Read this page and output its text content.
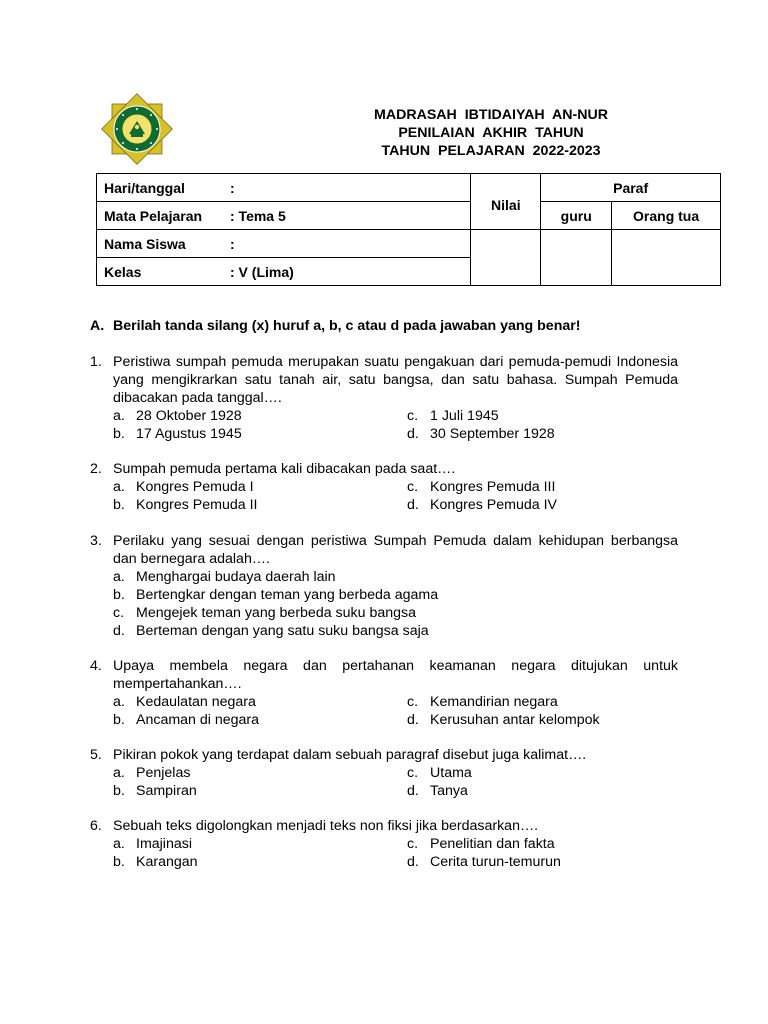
MADRASAH IBTIDAIYAH AN-NUR
PENILAIAN AKHIR TAHUN
TAHUN PELAJARAN 2022-2023
Hari/tanggal :	Nilai	Paraf	
Mata Pelajaran : Tema 5		guru	Orang tua
Nama Siswa :			
Kelas : V (Lima)			
A. Berilah tanda silang (x) huruf a, b, c atau d pada jawaban yang benar!
1. Peristiwa sumpah pemuda merupakan suatu pengakuan dari pemuda-pemudi Indonesia yang mengikrarkan satu tanah air, satu bangsa, dan satu bahasa. Sumpah Pemuda dibacakan pada tanggal….
a. 28 Oktober 1928	c. 1 Juli 1945
b. 17 Agustus 1945	d. 30 September 1928
2. Sumpah pemuda pertama kali dibacakan pada saat….
a. Kongres Pemuda I	c. Kongres Pemuda III
b. Kongres Pemuda II	d. Kongres Pemuda IV
3. Perilaku yang sesuai dengan peristiwa Sumpah Pemuda dalam kehidupan berbangsa dan bernegara adalah….
a. Menghargai budaya daerah lain
b. Bertengkar dengan teman yang berbeda agama
c. Mengejek teman yang berbeda suku bangsa
d. Berteman dengan yang satu suku bangsa saja
4. Upaya membela negara dan pertahanan keamanan negara ditujukan untuk mempertahankan….
a. Kedaulatan negara	c. Kemandirian negara
b. Ancaman di negara	d. Kerusuhan antar kelompok
5. Pikiran pokok yang terdapat dalam sebuah paragraf disebut juga kalimat….
a. Penjelas	c. Utama
b. Sampiran	d. Tanya
6. Sebuah teks digolongkan menjadi teks non fiksi jika berdasarkan….
a. Imajinasi	c. Penelitian dan fakta
b. Karangan	d. Cerita turun-temurun
